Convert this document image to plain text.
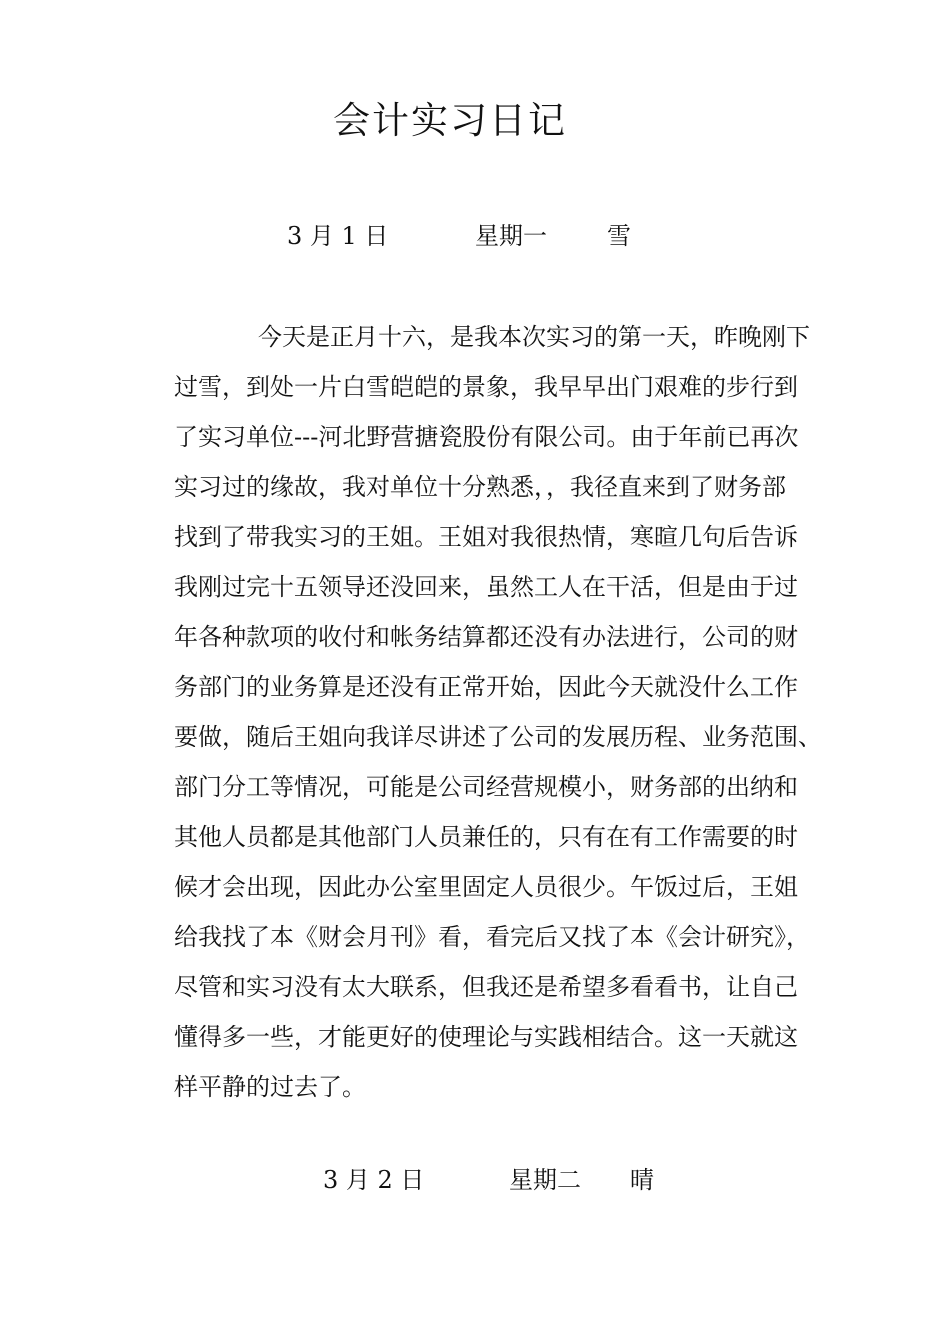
会计实习日记
3 月 1 日	星期一	雪
今天是正月十六，是我本次实习的第一天，昨晚刚下
过雪，到处一片白雪皑皑的景象，我早早出门艰难的步行到
了实习单位---河北野营搪瓷股份有限公司。由于年前已再次
实习过的缘故，我对单位十分熟悉，，我径直来到了财务部
找到了带我实习的王姐。王姐对我很热情，寒暄几句后告诉
我刚过完十五领导还没回来，虽然工人在干活，但是由于过
年各种款项的收付和帐务结算都还没有办法进行，公司的财
务部门的业务算是还没有正常开始，因此今天就没什么工作
要做，随后王姐向我详尽讲述了公司的发展历程、业务范围、
部门分工等情况，可能是公司经营规模小，财务部的出纳和
其他人员都是其他部门人员兼任的，只有在有工作需要的时
候才会出现，因此办公室里固定人员很少。午饭过后，王姐
给我找了本《财会月刊》看，看完后又找了本《会计研究》，
尽管和实习没有太大联系，但我还是希望多看看书，让自己
懂得多一些，才能更好的使理论与实践相结合。这一天就这
样平静的过去了。
3 月 2 日	星期二 晴
